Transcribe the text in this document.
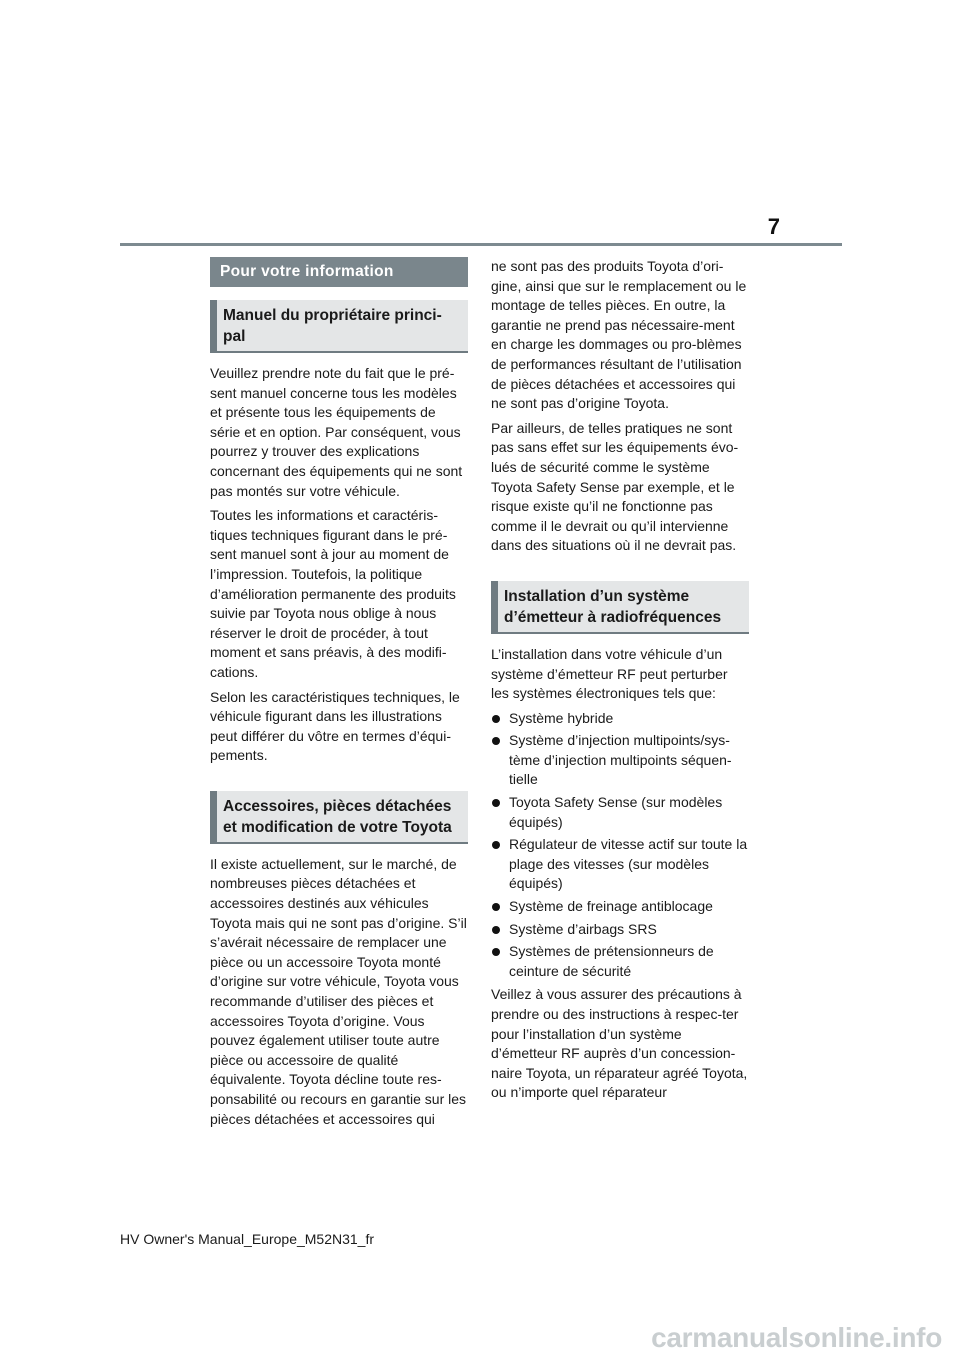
7
Pour votre information
Manuel du propriétaire princi-
pal

Veuillez prendre note du fait que le pré-sent manuel concerne tous les modèles et présente tous les équipements de série et en option. Par conséquent, vous pourrez y trouver des explications concernant des équipements qui ne sont pas montés sur votre véhicule.

Toutes les informations et caractéris-tiques techniques figurant dans le pré-sent manuel sont à jour au moment de l’impression. Toutefois, la politique d’amélioration permanente des produits suivie par Toyota nous oblige à nous réserver le droit de procéder, à tout moment et sans préavis, à des modifi-cations.

Selon les caractéristiques techniques, le véhicule figurant dans les illustrations peut différer du vôtre en termes d’équi-pements.

Accessoires, pièces détachées et modification de votre Toyota

Il existe actuellement, sur le marché, de nombreuses pièces détachées et accessoires destinés aux véhicules Toyota mais qui ne sont pas d’origine. S’il s’avérait nécessaire de remplacer une pièce ou un accessoire Toyota monté d’origine sur votre véhicule, Toyota vous recommande d’utiliser des pièces et accessoires Toyota d’origine. Vous pouvez également utiliser toute autre pièce ou accessoire de qualité équivalente. Toyota décline toute res-ponsabilité ou recours en garantie sur les pièces détachées et accessoires qui

ne sont pas des produits Toyota d’ori-gine, ainsi que sur le remplacement ou le montage de telles pièces. En outre, la garantie ne prend pas nécessaire-ment en charge les dommages ou pro-blèmes de performances résultant de l’utilisation de pièces détachées et accessoires qui ne sont pas d’origine Toyota.

Par ailleurs, de telles pratiques ne sont pas sans effet sur les équipements évo-lués de sécurité comme le système Toyota Safety Sense par exemple, et le risque existe qu’il ne fonctionne pas comme il le devrait ou qu’il intervienne dans des situations où il ne devrait pas.

Installation d’un système d’émetteur à radiofréquences

L’installation dans votre véhicule d’un système d’émetteur RF peut perturber les systèmes électroniques tels que:

Système hybride
Système d’injection multipoints/sys-tème d’injection multipoints séquen-tielle
Toyota Safety Sense (sur modèles équipés)
Régulateur de vitesse actif sur toute la plage des vitesses (sur modèles équipés)
Système de freinage antiblocage
Système d’airbags SRS
Systèmes de prétensionneurs de ceinture de sécurité

Veillez à vous assurer des précautions à prendre ou des instructions à respec-ter pour l’installation d’un système d’émetteur RF auprès d’un concession-naire Toyota, un réparateur agréé Toyota, ou n’importe quel réparateur

HV Owner's Manual_Europe_M52N31_fr
carmanualsonline.info
